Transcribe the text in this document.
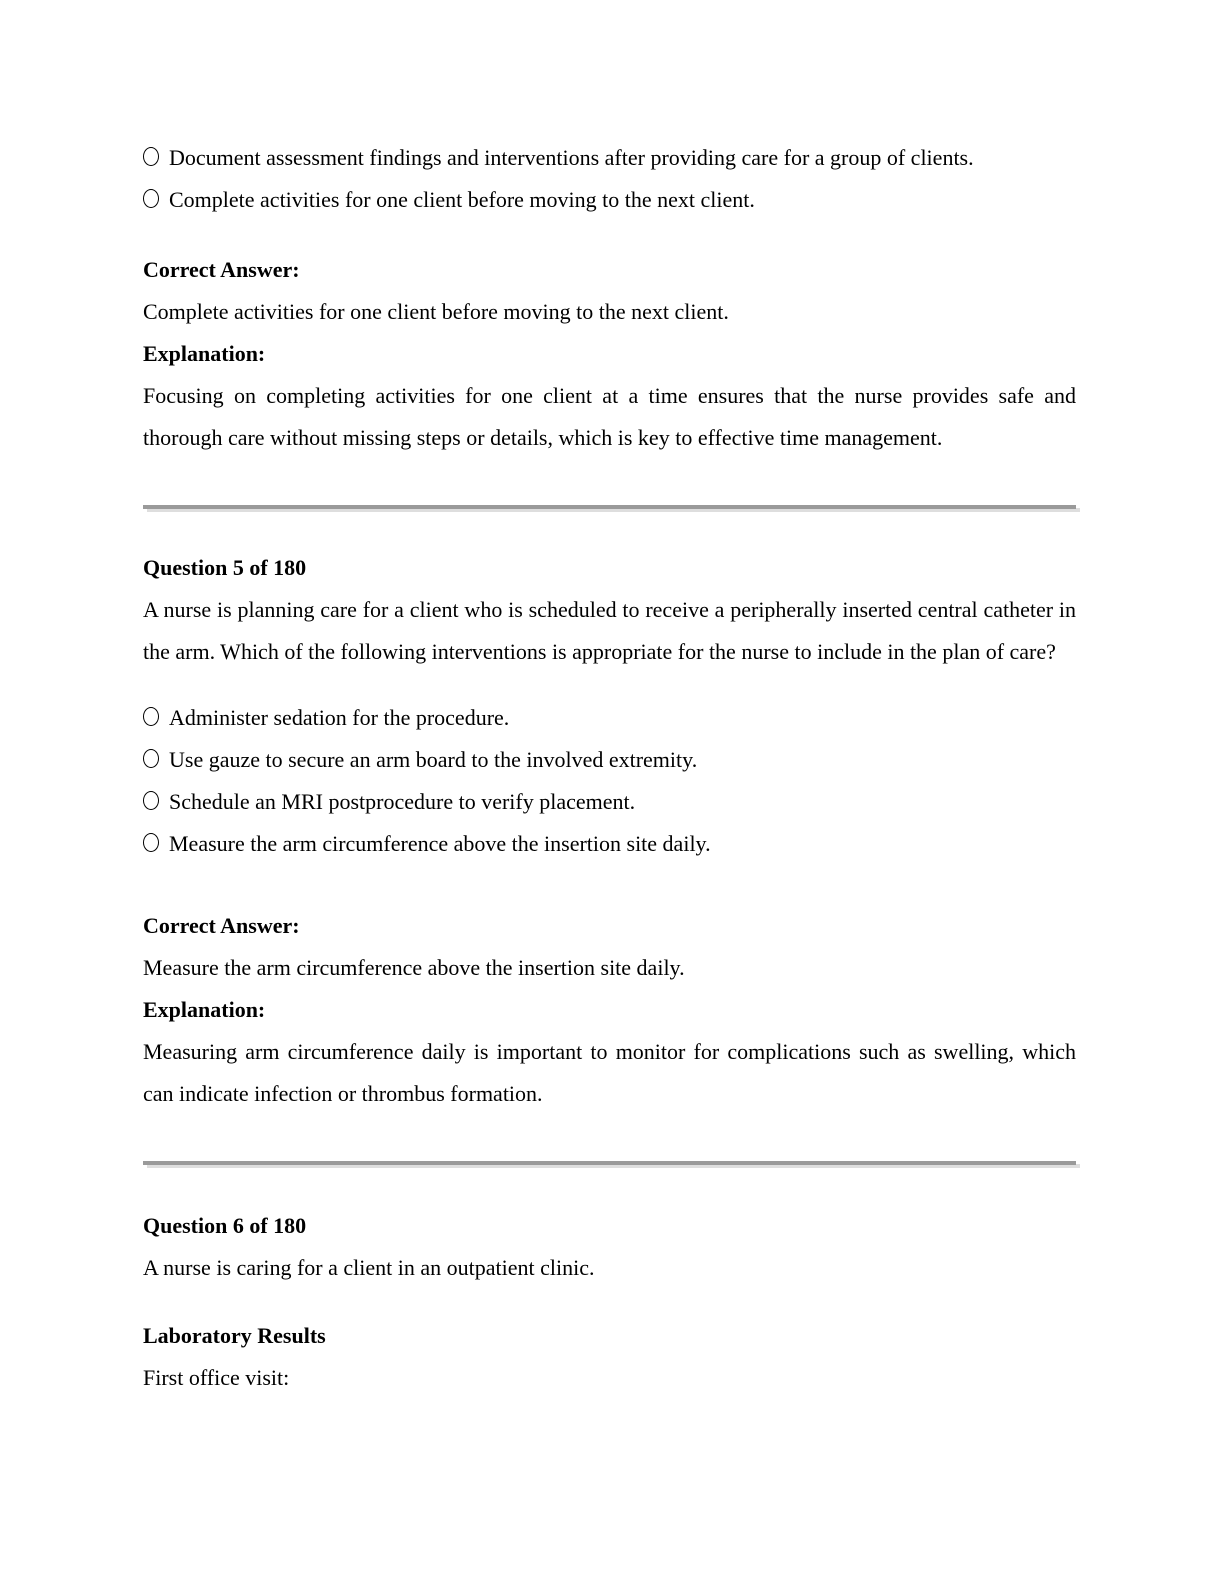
Document assessment findings and interventions after providing care for a group of clients.
Complete activities for one client before moving to the next client.

Correct Answer:

Complete activities for one client before moving to the next client.

Explanation:

Focusing on completing activities for one client at a time ensures that the nurse provides safe and thorough care without missing steps or details, which is key to effective time management.

Question 5 of 180

A nurse is planning care for a client who is scheduled to receive a peripherally inserted central catheter in the arm. Which of the following interventions is appropriate for the nurse to include in the plan of care?

Administer sedation for the procedure.
Use gauze to secure an arm board to the involved extremity.
Schedule an MRI postprocedure to verify placement.
Measure the arm circumference above the insertion site daily.

Correct Answer:

Measure the arm circumference above the insertion site daily.

Explanation:

Measuring arm circumference daily is important to monitor for complications such as swelling, which can indicate infection or thrombus formation.

Question 6 of 180

A nurse is caring for a client in an outpatient clinic.

Laboratory Results

First office visit:
